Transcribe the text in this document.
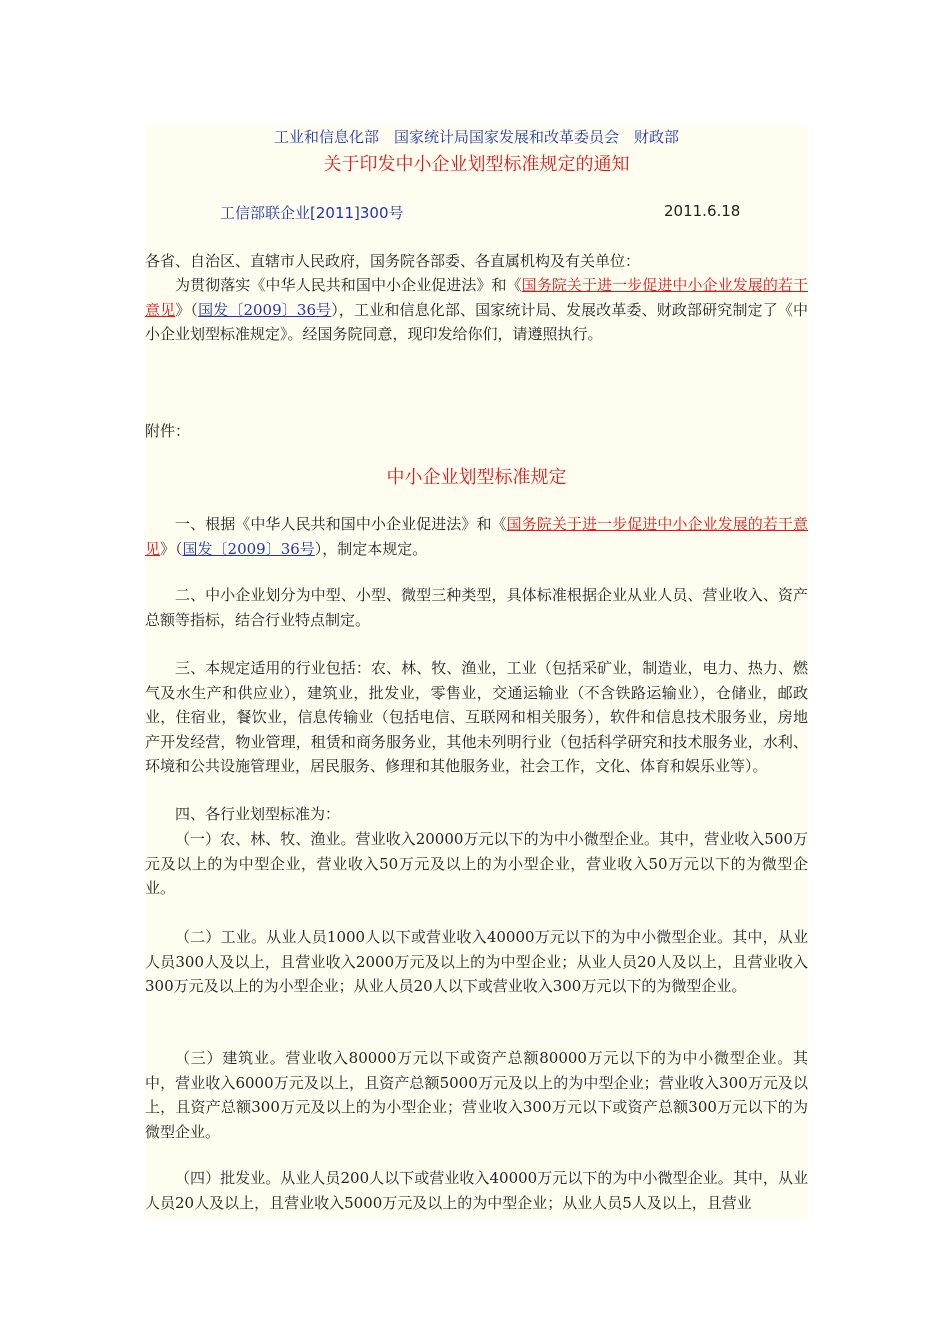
工业和信息化部　国家统计局国家发展和改革委员会　财政部
关于印发中小企业划型标准规定的通知
工信部联企业[2011]300号	2011.6.18
各省、自治区、直辖市人民政府，国务院各部委、各直属机构及有关单位：
为贯彻落实《中华人民共和国中小企业促进法》和《国务院关于进一步促进中小企业发展的若干意见》（国发〔2009〕36号），工业和信息化部、国家统计局、发展改革委、财政部研究制定了《中小企业划型标准规定》。经国务院同意，现印发给你们，请遵照执行。
附件：
中小企业划型标准规定
一、根据《中华人民共和国中小企业促进法》和《国务院关于进一步促进中小企业发展的若干意见》（国发〔2009〕36号），制定本规定。
二、中小企业划分为中型、小型、微型三种类型，具体标准根据企业从业人员、营业收入、资产总额等指标，结合行业特点制定。
三、本规定适用的行业包括：农、林、牧、渔业，工业（包括采矿业，制造业，电力、热力、燃气及水生产和供应业），建筑业，批发业，零售业，交通运输业（不含铁路运输业），仓储业，邮政业，住宿业，餐饮业，信息传输业（包括电信、互联网和相关服务），软件和信息技术服务业，房地产开发经营，物业管理，租赁和商务服务业，其他未列明行业（包括科学研究和技术服务业，水利、环境和公共设施管理业，居民服务、修理和其他服务业，社会工作，文化、体育和娱乐业等）。
四、各行业划型标准为：
（一）农、林、牧、渔业。营业收入20000万元以下的为中小微型企业。其中，营业收入500万元及以上的为中型企业，营业收入50万元及以上的为小型企业，营业收入50万元以下的为微型企业。
（二）工业。从业人员1000人以下或营业收入40000万元以下的为中小微型企业。其中，从业人员300人及以上，且营业收入2000万元及以上的为中型企业；从业人员20人及以上，且营业收入300万元及以上的为小型企业；从业人员20人以下或营业收入300万元以下的为微型企业。
（三）建筑业。营业收入80000万元以下或资产总额80000万元以下的为中小微型企业。其中，营业收入6000万元及以上，且资产总额5000万元及以上的为中型企业；营业收入300万元及以上，且资产总额300万元及以上的为小型企业；营业收入300万元以下或资产总额300万元以下的为微型企业。
（四）批发业。从业人员200人以下或营业收入40000万元以下的为中小微型企业。其中，从业人员20人及以上，且营业收入5000万元及以上的为中型企业；从业人员5人及以上，且营业
